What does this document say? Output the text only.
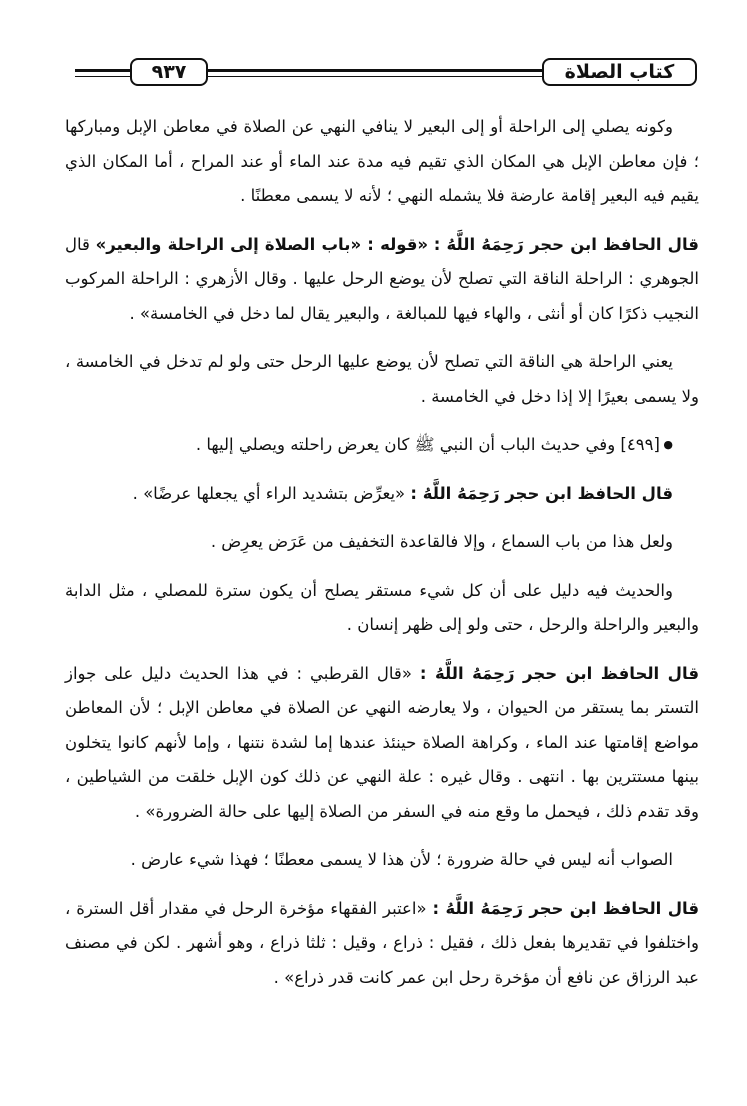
كتاب الصلاة
٩٣٧

وكونه يصلي إلى الراحلة أو إلى البعير لا ينافي النهي عن الصلاة في معاطن الإبل ومباركها ؛ فإن معاطن الإبل هي المكان الذي تقيم فيه مدة عند الماء أو عند المراح ، أما المكان الذي يقيم فيه البعير إقامة عارضة فلا يشمله النهي ؛ لأنه لا يسمى معطنًا .

قال الحافظ ابن حجر رَحِمَهُ اللَّهُ : «قوله : «باب الصلاة إلى الراحلة والبعير» قال الجوهري : الراحلة الناقة التي تصلح لأن يوضع الرحل عليها . وقال الأزهري : الراحلة المركوب النجيب ذكرًا كان أو أنثى ، والهاء فيها للمبالغة ، والبعير يقال لما دخل في الخامسة» .

يعني الراحلة هي الناقة التي تصلح لأن يوضع عليها الرحل حتى ولو لم تدخل في الخامسة ، ولا يسمى بعيرًا إلا إذا دخل في الخامسة .

● [٤٩٩] وفي حديث الباب أن النبي ﷺ كان يعرض راحلته ويصلي إليها .

قال الحافظ ابن حجر رَحِمَهُ اللَّهُ : «يعرِّض بتشديد الراء أي يجعلها عرضًا» .

ولعل هذا من باب السماع ، وإلا فالقاعدة التخفيف من عَرَض يعرِض .

والحديث فيه دليل على أن كل شيء مستقر يصلح أن يكون سترة للمصلي ، مثل الدابة والبعير والراحلة والرحل ، حتى ولو إلى ظهر إنسان .

قال الحافظ ابن حجر رَحِمَهُ اللَّهُ : «قال القرطبي : في هذا الحديث دليل على جواز التستر بما يستقر من الحيوان ، ولا يعارضه النهي عن الصلاة في معاطن الإبل ؛ لأن المعاطن مواضع إقامتها عند الماء ، وكراهة الصلاة حينئذ عندها إما لشدة نتنها ، وإما لأنهم كانوا يتخلون بينها مستترين بها . انتهى . وقال غيره : علة النهي عن ذلك كون الإبل خلقت من الشياطين ، وقد تقدم ذلك ، فيحمل ما وقع منه في السفر من الصلاة إليها على حالة الضرورة» .

الصواب أنه ليس في حالة ضرورة ؛ لأن هذا لا يسمى معطنًا ؛ فهذا شيء عارض .

قال الحافظ ابن حجر رَحِمَهُ اللَّهُ : «اعتبر الفقهاء مؤخرة الرحل في مقدار أقل السترة ، واختلفوا في تقديرها بفعل ذلك ، فقيل : ذراع ، وقيل : ثلثا ذراع ، وهو أشهر . لكن في مصنف عبد الرزاق عن نافع أن مؤخرة رحل ابن عمر كانت قدر ذراع» .
